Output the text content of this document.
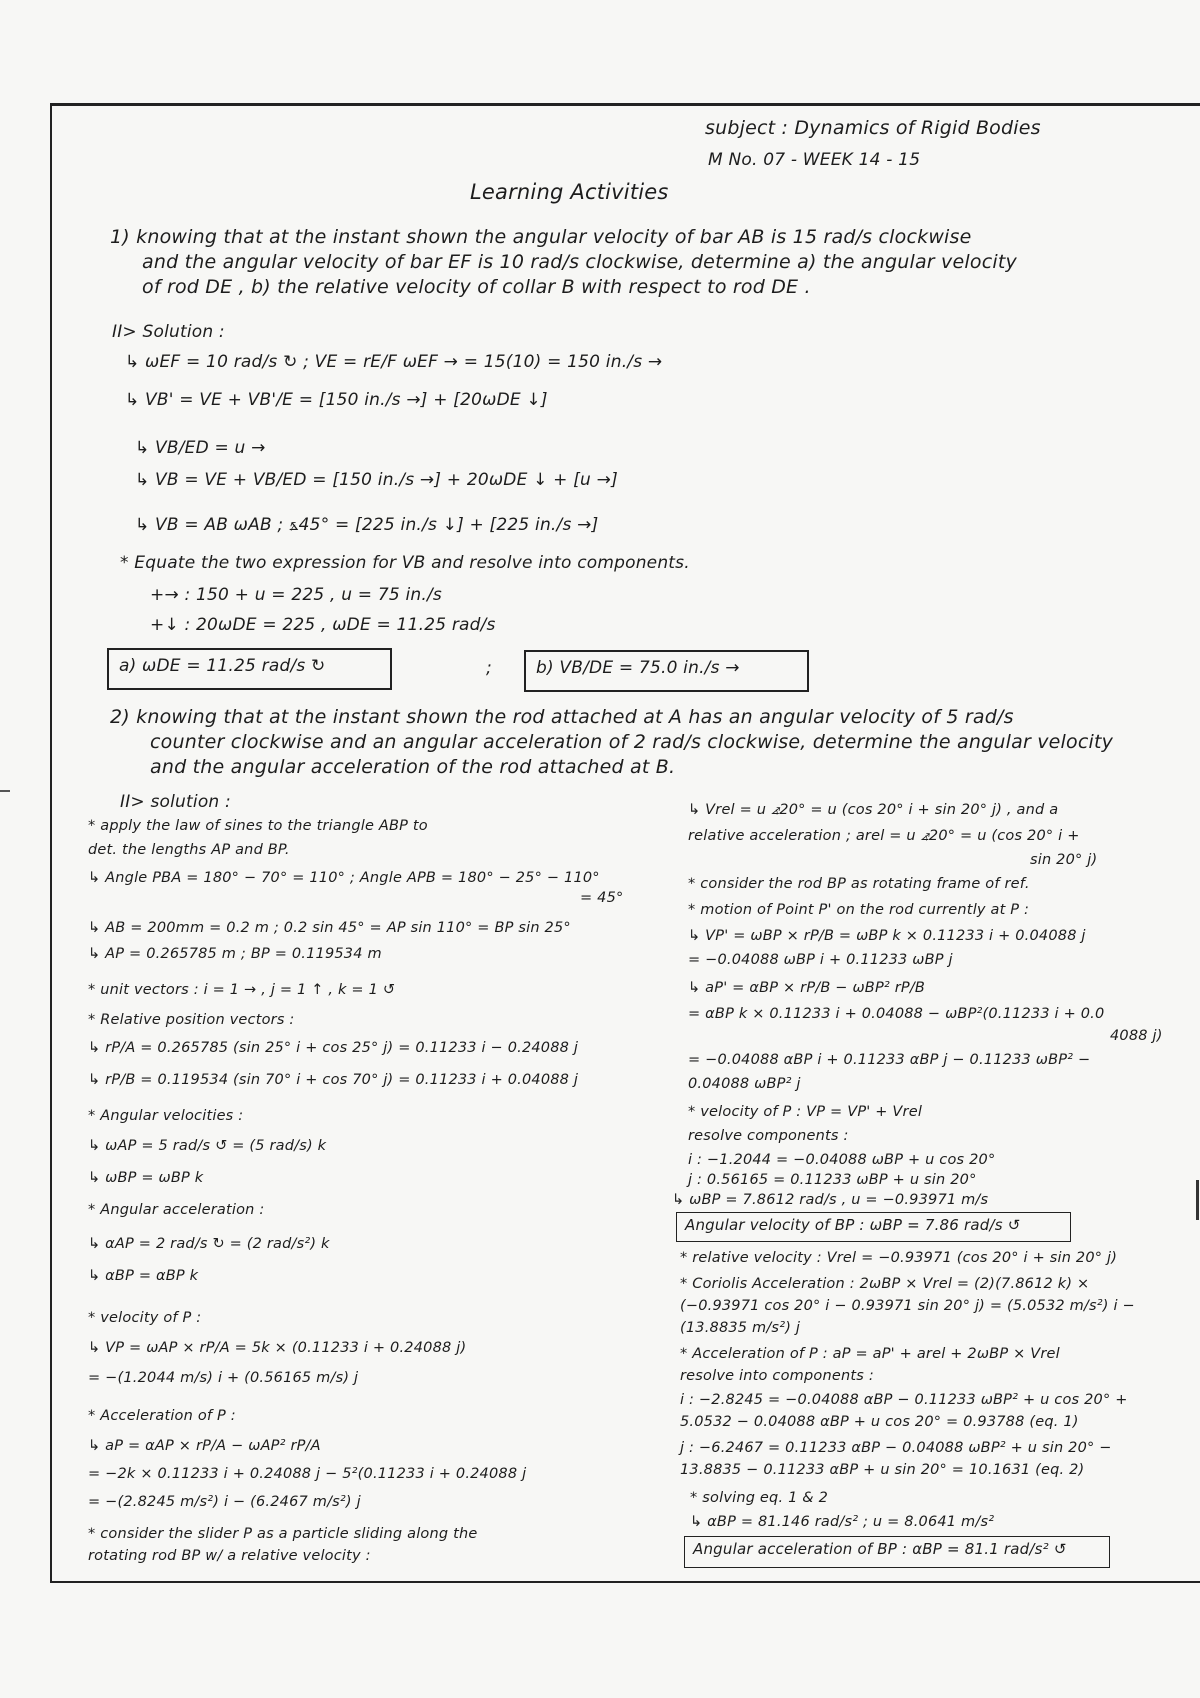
subject : Dynamics of Rigid Bodies
M No. 07 - WEEK 14 - 15
Learning Activities
1) knowing that at the instant shown the angular velocity of bar AB is 15 rad/s clockwise
and the angular velocity of bar EF is 10 rad/s clockwise, determine a) the angular velocity
of rod DE , b) the relative velocity of collar B with respect to rod DE .
II> Solution :
↳ ωEF = 10 rad/s ↻ ; VE = rE/F ωEF → = 15(10) = 150 in./s →
↳ VB' = VE + VB'/E = [150 in./s →] + [20ωDE ↓]
↳ VB/ED = u →
↳ VB = VE + VB/ED = [150 in./s →] + 20ωDE ↓ + [u →]
↳ VB = AB ωAB ; ⦩45° = [225 in./s ↓] + [225 in./s →]
* Equate the two expression for VB and resolve into components.
+→ : 150 + u = 225 , u = 75 in./s
+↓ : 20ωDE = 225 , ωDE = 11.25 rad/s
a) ωDE = 11.25 rad/s ↻	;	b) VB/DE = 75.0 in./s →
2) knowing that at the instant shown the rod attached at A has an angular velocity of 5 rad/s
counter clockwise and an angular acceleration of 2 rad/s clockwise, determine the angular velocity
and the angular acceleration of the rod attached at B.
II> solution :
* apply the law of sines to the triangle ABP to
det. the lengths AP and BP.
↳ Angle PBA = 180° − 70° = 110° ; Angle APB = 180° − 25° − 110°
= 45°
↳ AB = 200mm = 0.2 m ; 0.2 sin 45° = AP sin 110° = BP sin 25°
↳ AP = 0.265785 m ; BP = 0.119534 m
* unit vectors : i = 1 → , j = 1 ↑ , k = 1 ↺
* Relative position vectors :
↳ rP/A = 0.265785 (sin 25° i + cos 25° j) = 0.11233 i − 0.24088 j
↳ rP/B = 0.119534 (sin 70° i + cos 70° j) = 0.11233 i + 0.04088 j
* Angular velocities :
↳ ωAP = 5 rad/s ↺ = (5 rad/s) k
↳ ωBP = ωBP k
* Angular acceleration :
↳ αAP = 2 rad/s ↻ = (2 rad/s²) k
↳ αBP = αBP k
* velocity of P :
↳ VP = ωAP × rP/A = 5k × (0.11233 i + 0.24088 j)
= −(1.2044 m/s) i + (0.56165 m/s) j
* Acceleration of P :
↳ aP = αAP × rP/A − ωAP² rP/A
= −2k × 0.11233 i + 0.24088 j − 5²(0.11233 i + 0.24088 j
= −(2.8245 m/s²) i − (6.2467 m/s²) j
* consider the slider P as a particle sliding along the
rotating rod BP w/ a relative velocity :
↳ Vrel = u ⦨20° = u (cos 20° i + sin 20° j) , and a
relative acceleration ; arel = u ⦨20° = u (cos 20° i +
sin 20° j)
* consider the rod BP as rotating frame of ref.
* motion of Point P' on the rod currently at P :
↳ VP' = ωBP × rP/B = ωBP k × 0.11233 i + 0.04088 j
= −0.04088 ωBP i + 0.11233 ωBP j
↳ aP' = αBP × rP/B − ωBP² rP/B
= αBP k × 0.11233 i + 0.04088 − ωBP²(0.11233 i + 0.0
4088 j)
= −0.04088 αBP i + 0.11233 αBP j − 0.11233 ωBP² −
0.04088 ωBP² j
* velocity of P : VP = VP' + Vrel
resolve components :
i : −1.2044 = −0.04088 ωBP + u cos 20°
j : 0.56165 = 0.11233 ωBP + u sin 20°
↳ ωBP = 7.8612 rad/s , u = −0.93971 m/s
Angular velocity of BP : ωBP = 7.86 rad/s ↺
* relative velocity : Vrel = −0.93971 (cos 20° i + sin 20° j)
* Coriolis Acceleration : 2ωBP × Vrel = (2)(7.8612 k) ×
(−0.93971 cos 20° i − 0.93971 sin 20° j) = (5.0532 m/s²) i −
(13.8835 m/s²) j
* Acceleration of P : aP = aP' + arel + 2ωBP × Vrel
resolve into components :
i : −2.8245 = −0.04088 αBP − 0.11233 ωBP² + u cos 20° +
5.0532 − 0.04088 αBP + u cos 20° = 0.93788 (eq. 1)
j : −6.2467 = 0.11233 αBP − 0.04088 ωBP² + u sin 20° −
13.8835 − 0.11233 αBP + u sin 20° = 10.1631 (eq. 2)
* solving eq. 1 & 2
↳ αBP = 81.146 rad/s² ; u = 8.0641 m/s²
Angular acceleration of BP : αBP = 81.1 rad/s² ↺
